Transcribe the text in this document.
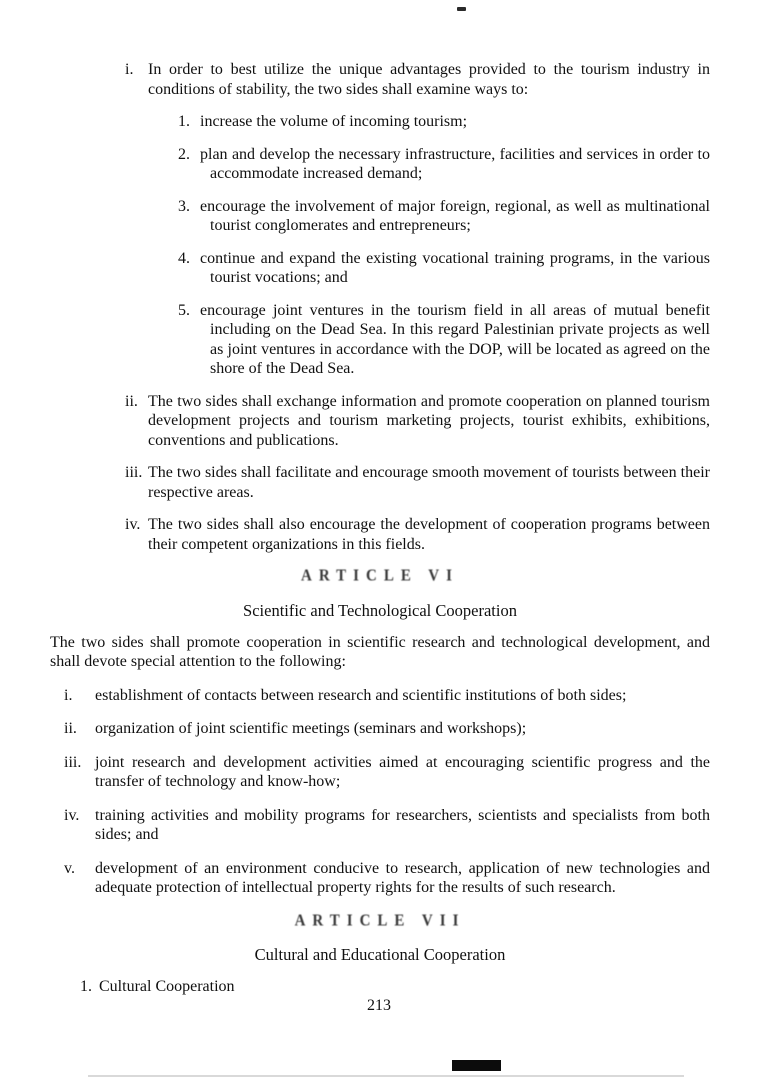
i. In order to best utilize the unique advantages provided to the tourism industry in conditions of stability, the two sides shall examine ways to:
1. increase the volume of incoming tourism;
2. plan and develop the necessary infrastructure, facilities and services in order to accommodate increased demand;
3. encourage the involvement of major foreign, regional, as well as multinational tourist conglomerates and entrepreneurs;
4. continue and expand the existing vocational training programs, in the various tourist vocations; and
5. encourage joint ventures in the tourism field in all areas of mutual benefit including on the Dead Sea. In this regard Palestinian private projects as well as joint ventures in accordance with the DOP, will be located as agreed on the shore of the Dead Sea.
ii. The two sides shall exchange information and promote cooperation on planned tourism development projects and tourism marketing projects, tourist exhibits, exhibitions, conventions and publications.
iii. The two sides shall facilitate and encourage smooth movement of tourists between their respective areas.
iv. The two sides shall also encourage the development of cooperation programs between their competent organizations in this fields.
ARTICLE VI
Scientific and Technological Cooperation
The two sides shall promote cooperation in scientific research and technological development, and shall devote special attention to the following:
i.	establishment of contacts between research and scientific institutions of both sides;
ii.	organization of joint scientific meetings (seminars and workshops);
iii. joint research and development activities aimed at encouraging scientific progress and the transfer of technology and know-how;
iv. training activities and mobility programs for researchers, scientists and specialists from both sides; and
v.	development of an environment conducive to research, application of new technologies and adequate protection of intellectual property rights for the results of such research.
ARTICLE VII
Cultural and Educational Cooperation
1. Cultural Cooperation
213
